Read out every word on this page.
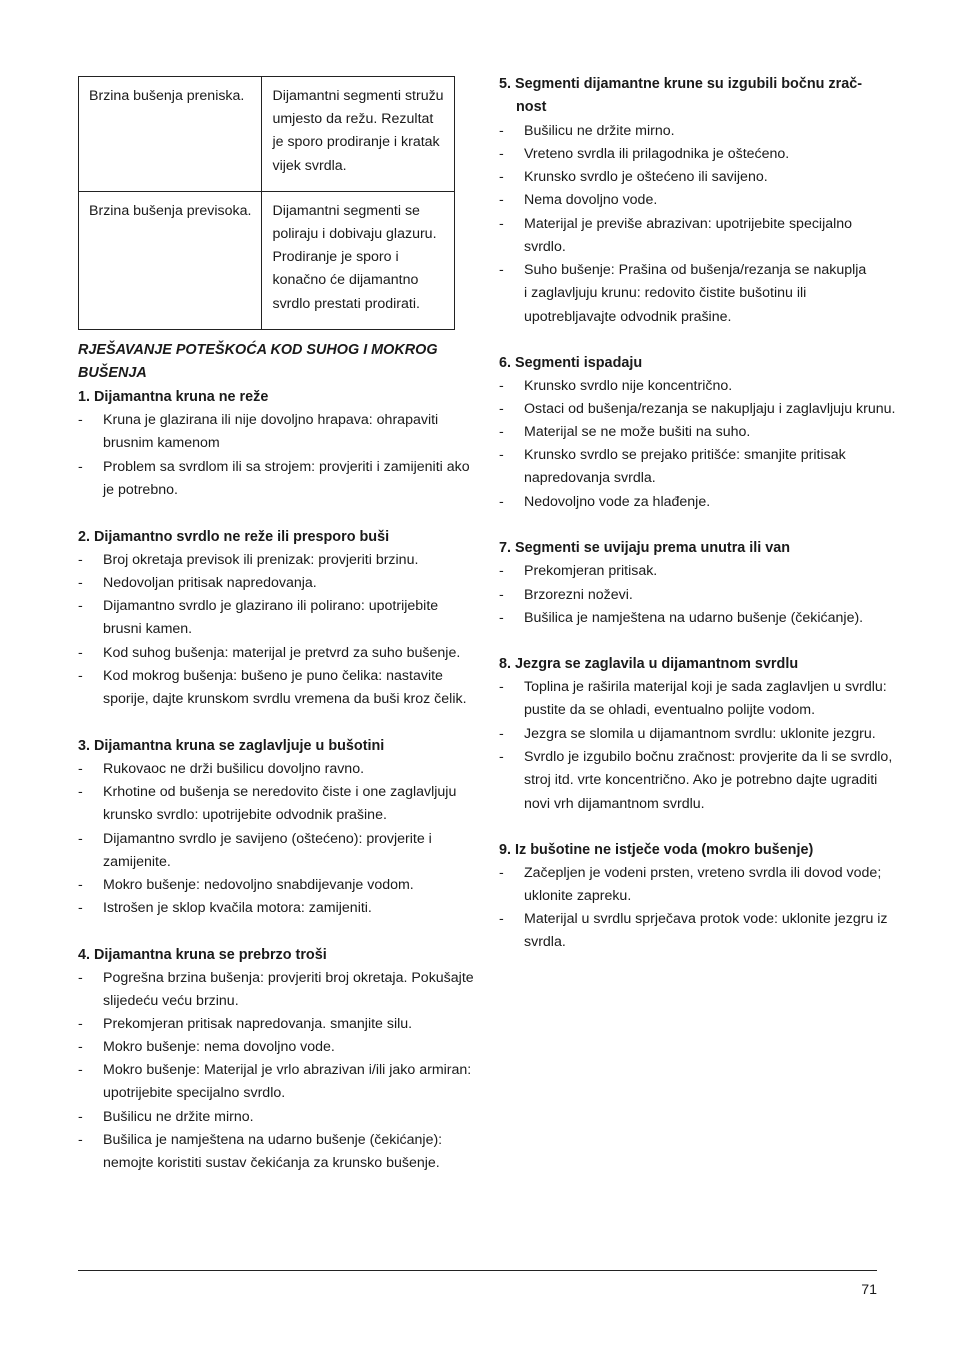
Brzina bušenja preniska.	Dijamantni segmenti stružu
umjesto da režu. Rezultat
je sporo prodiranje i kratak
vijek svrdla.

Brzina bušenja previsoka.	Dijamantni segmenti se
poliraju i dobivaju glazuru.
Prodiranje je sporo i
konačno će dijamantno
svrdlo prestati prodirati.
RJEŠAVANJE POTEŠKOĆA KOD SUHOG I MOKROG
BUŠENJA
1. Dijamantna kruna ne reže
- Kruna je glazirana ili nije dovoljno hrapava: ohrapaviti
brusnim kamenom
- Problem sa svrdlom ili sa strojem: provjeriti i zamijeniti ako
je potrebno.
2. Dijamantno svrdlo ne reže ili presporo buši
- Broj okretaja previsok ili prenizak: provjeriti brzinu.
- Nedovoljan pritisak napredovanja.
- Dijamantno svrdlo je glazirano ili polirano: upotrijebite
brusni kamen.
- Kod suhog bušenja: materijal je pretvrd za suho bušenje.
- Kod mokrog bušenja: bušeno je puno čelika: nastavite
sporije, dajte krunskom svrdlu vremena da buši kroz čelik.
3. Dijamantna kruna se zaglavljuje u bušotini
- Rukovaoc ne drži bušilicu dovoljno ravno.
- Krhotine od bušenja se neredovito čiste i one zaglavljuju
krunsko svrdlo: upotrijebite odvodnik prašine.
- Dijamantno svrdlo je savijeno (oštećeno): provjerite i
zamijenite.
- Mokro bušenje: nedovoljno snabdijevanje vodom.
- Istrošen je sklop kvačila motora: zamijeniti.
4. Dijamantna kruna se prebrzo troši
- Pogrešna brzina bušenja: provjeriti broj okretaja. Pokušajte
slijedeću veću brzinu.
- Prekomjeran pritisak napredovanja. smanjite silu.
- Mokro bušenje: nema dovoljno vode.
- Mokro bušenje: Materijal je vrlo abrazivan i/ili jako armiran:
upotrijebite specijalno svrdlo.
- Bušilicu ne držite mirno.
- Bušilica je namještena na udarno bušenje (čekićanje):
nemojte koristiti sustav čekićanja za krunsko bušenje.
5. Segmenti dijamantne krune su izgubili bočnu zrač-
nost
- Bušilicu ne držite mirno.
- Vreteno svrdla ili prilagodnika je oštećeno.
- Krunsko svrdlo je oštećeno ili savijeno.
- Nema dovoljno vode.
- Materijal je previše abrazivan: upotrijebite specijalno
svrdlo.
- Suho bušenje: Prašina od bušenja/rezanja se nakuplja
i zaglavljuju krunu: redovito čistite bušotinu ili
upotrebljavajte odvodnik prašine.
6. Segmenti ispadaju
- Krunsko svrdlo nije koncentrično.
- Ostaci od bušenja/rezanja se nakupljaju i zaglavljuju krunu.
- Materijal se ne može bušiti na suho.
- Krunsko svrdlo se prejako pritišće: smanjite pritisak
napredovanja svrdla.
- Nedovoljno vode za hlađenje.
7. Segmenti se uvijaju prema unutra ili van
- Prekomjeran pritisak.
- Brzorezni noževi.
- Bušilica je namještena na udarno bušenje (čekićanje).
8. Jezgra se zaglavila u dijamantnom svrdlu
- Toplina je raširila materijal koji je sada zaglavljen u svrdlu:
pustite da se ohladi, eventualno polijte vodom.
- Jezgra se slomila u dijamantnom svrdlu: uklonite jezgru.
- Svrdlo je izgubilo bočnu zračnost: provjerite da li se svrdlo,
stroj itd. vrte koncentrično. Ako je potrebno dajte ugraditi
novi vrh dijamantnom svrdlu.
9. Iz bušotine ne istječe voda (mokro bušenje)
- Začepljen je vodeni prsten, vreteno svrdla ili dovod vode;
uklonite zapreku.
- Materijal u svrdlu sprječava protok vode: uklonite jezgru iz
svrdla.
71
